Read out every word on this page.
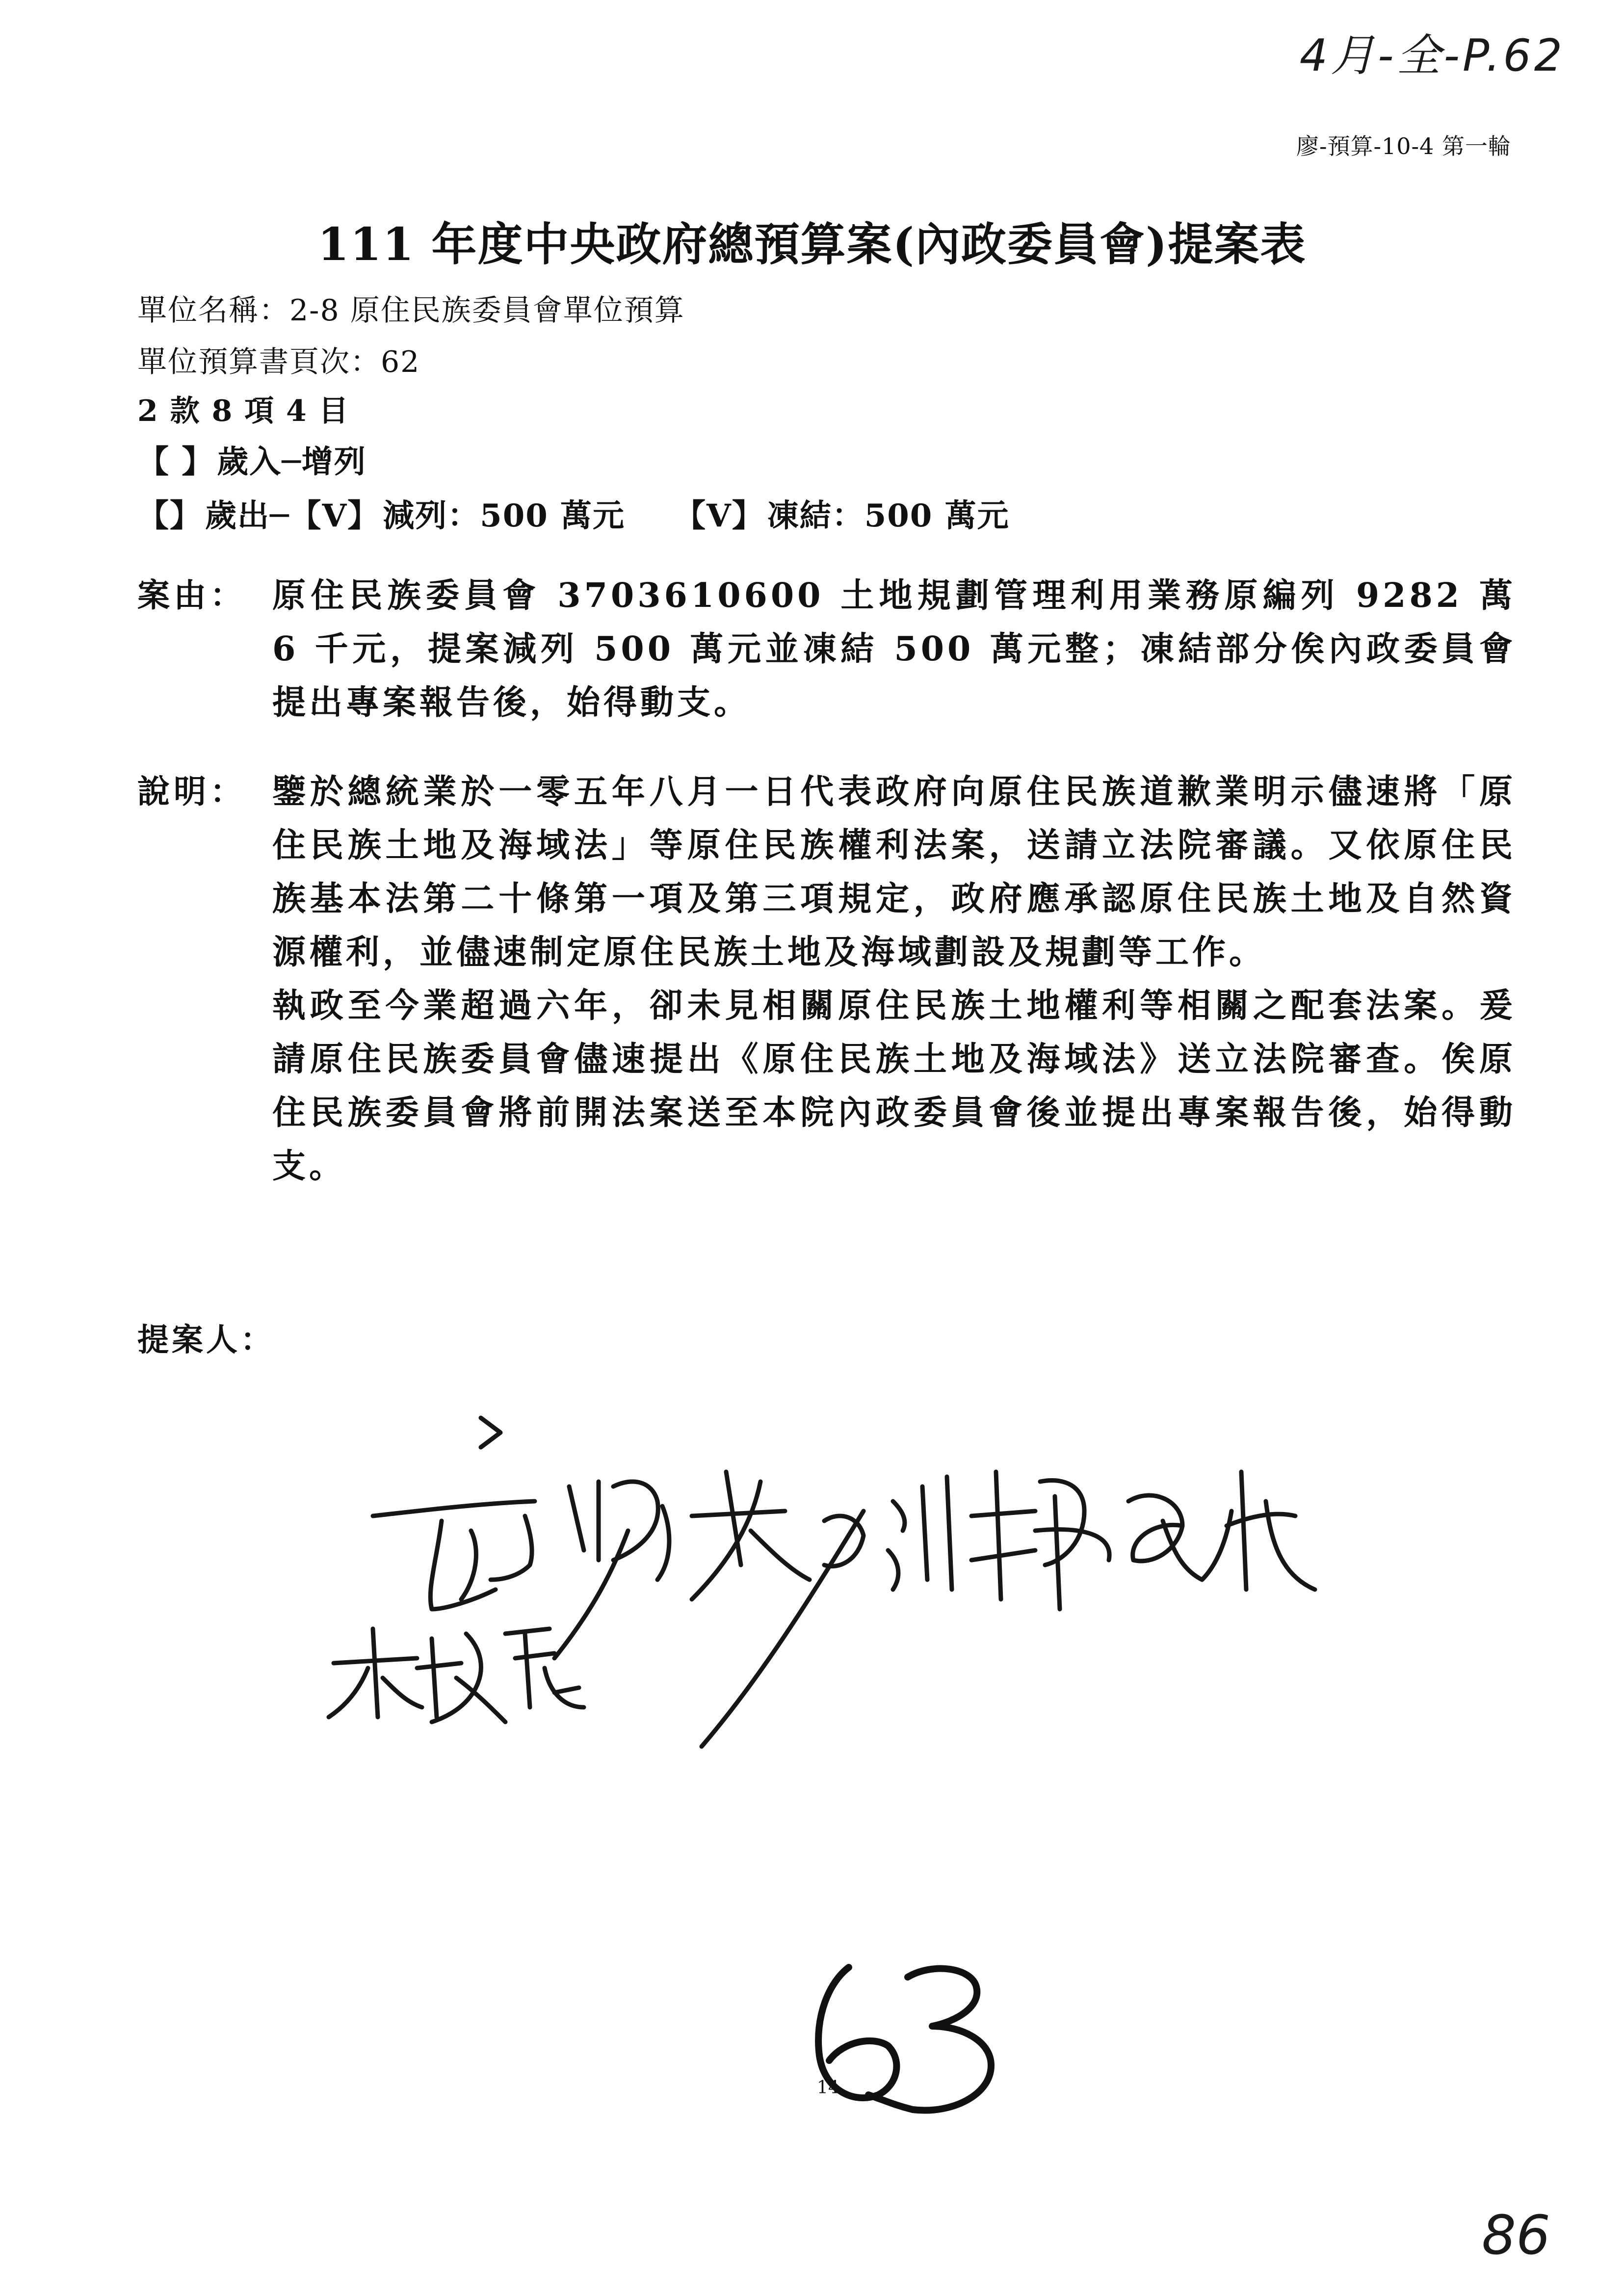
4月-全-P.62
廖-預算-10-4 第一輪
111 年度中央政府總預算案(內政委員會)提案表
單位名稱：2-8 原住民族委員會單位預算
單位預算書頁次：62
2 款 8 項 4 目
【 】歲入─增列
【】歲出─【V】減列：500 萬元 【V】凍結：500 萬元
案由： 原住民族委員會 3703610600 土地規劃管理利用業務原編列 9282 萬 6 千元，提案減列 500 萬元並凍結 500 萬元整；凍結部分俟內政委員會提出專案報告後，始得動支。
說明： 鑒於總統業於一零五年八月一日代表政府向原住民族道歉業明示儘速將「原住民族土地及海域法」等原住民族權利法案，送請立法院審議。又依原住民族基本法第二十條第一項及第三項規定，政府應承認原住民族土地及自然資源權利，並儘速制定原住民族土地及海域劃設及規劃等工作。

執政至今業超過六年，卻未見相關原住民族土地權利等相關之配套法案。爰請原住民族委員會儘速提出《原住民族土地及海域法》送立法院審查。俟原住民族委員會將前開法案送至本院內政委員會後並提出專案報告後，始得動支。

提案人：
14
86
